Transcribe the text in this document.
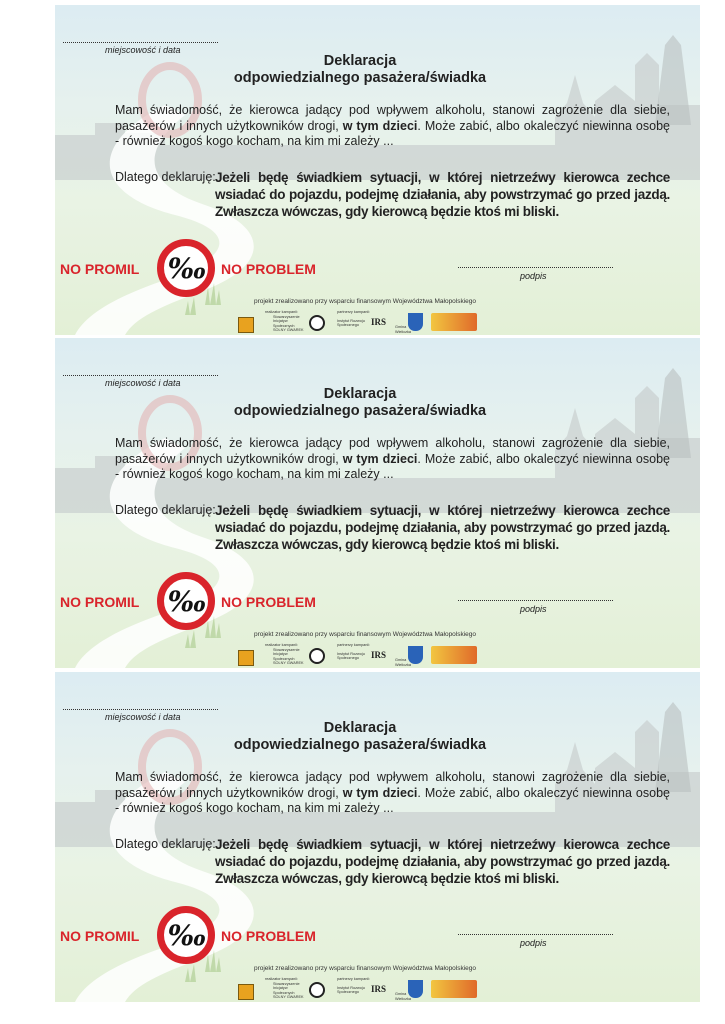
miejscowość i data
Deklaracja
odpowiedzialnego pasażera/świadka
Mam świadomość, że kierowca jadący pod wpływem alkoholu, stanowi zagrożenie dla siebie, pasażerów i innych użytkowników drogi, w tym dzieci. Może zabić, albo okaleczyć niewinna osobę - również kogoś kogo kocham, na kim mi zależy ...
Dlatego deklaruję: Jeżeli będę świadkiem sytuacji, w której nietrzeźwy kierowca zechce wsiadać do pojazdu, podejmę działania, aby powstrzymać go przed jazdą. Zwłaszcza wówczas, gdy kierowcą będzie ktoś mi bliski.
NO PROMIL ‰ NO PROBLEM	podpis
projekt zrealizowano przy wsparciu finansowym Województwa Małopolskiego
realizator kampanii:
Stowarzyszenie Inicjatyw Społecznych SOLNY GWAREK
partnerzy kampanii:
Instytut Rozwoju Społecznego	IRS	Gmina Wieliczka
miejscowość i data
Deklaracja
odpowiedzialnego pasażera/świadka
Mam świadomość, że kierowca jadący pod wpływem alkoholu, stanowi zagrożenie dla siebie, pasażerów i innych użytkowników drogi, w tym dzieci. Może zabić, albo okaleczyć niewinna osobę - również kogoś kogo kocham, na kim mi zależy ...
Dlatego deklaruję: Jeżeli będę świadkiem sytuacji, w której nietrzeźwy kierowca zechce wsiadać do pojazdu, podejmę działania, aby powstrzymać go przed jazdą. Zwłaszcza wówczas, gdy kierowcą będzie ktoś mi bliski.
NO PROMIL ‰ NO PROBLEM	podpis
projekt zrealizowano przy wsparciu finansowym Województwa Małopolskiego
realizator kampanii:
Stowarzyszenie Inicjatyw Społecznych SOLNY GWAREK
partnerzy kampanii:
Instytut Rozwoju Społecznego	IRS	Gmina Wieliczka
miejscowość i data
Deklaracja
odpowiedzialnego pasażera/świadka
Mam świadomość, że kierowca jadący pod wpływem alkoholu, stanowi zagrożenie dla siebie, pasażerów i innych użytkowników drogi, w tym dzieci. Może zabić, albo okaleczyć niewinna osobę - również kogoś kogo kocham, na kim mi zależy ...
Dlatego deklaruję: Jeżeli będę świadkiem sytuacji, w której nietrzeźwy kierowca zechce wsiadać do pojazdu, podejmę działania, aby powstrzymać go przed jazdą. Zwłaszcza wówczas, gdy kierowcą będzie ktoś mi bliski.
NO PROMIL ‰ NO PROBLEM	podpis
projekt zrealizowano przy wsparciu finansowym Województwa Małopolskiego
realizator kampanii:
Stowarzyszenie Inicjatyw Społecznych SOLNY GWAREK
partnerzy kampanii:
Instytut Rozwoju Społecznego	IRS	Gmina Wieliczka
